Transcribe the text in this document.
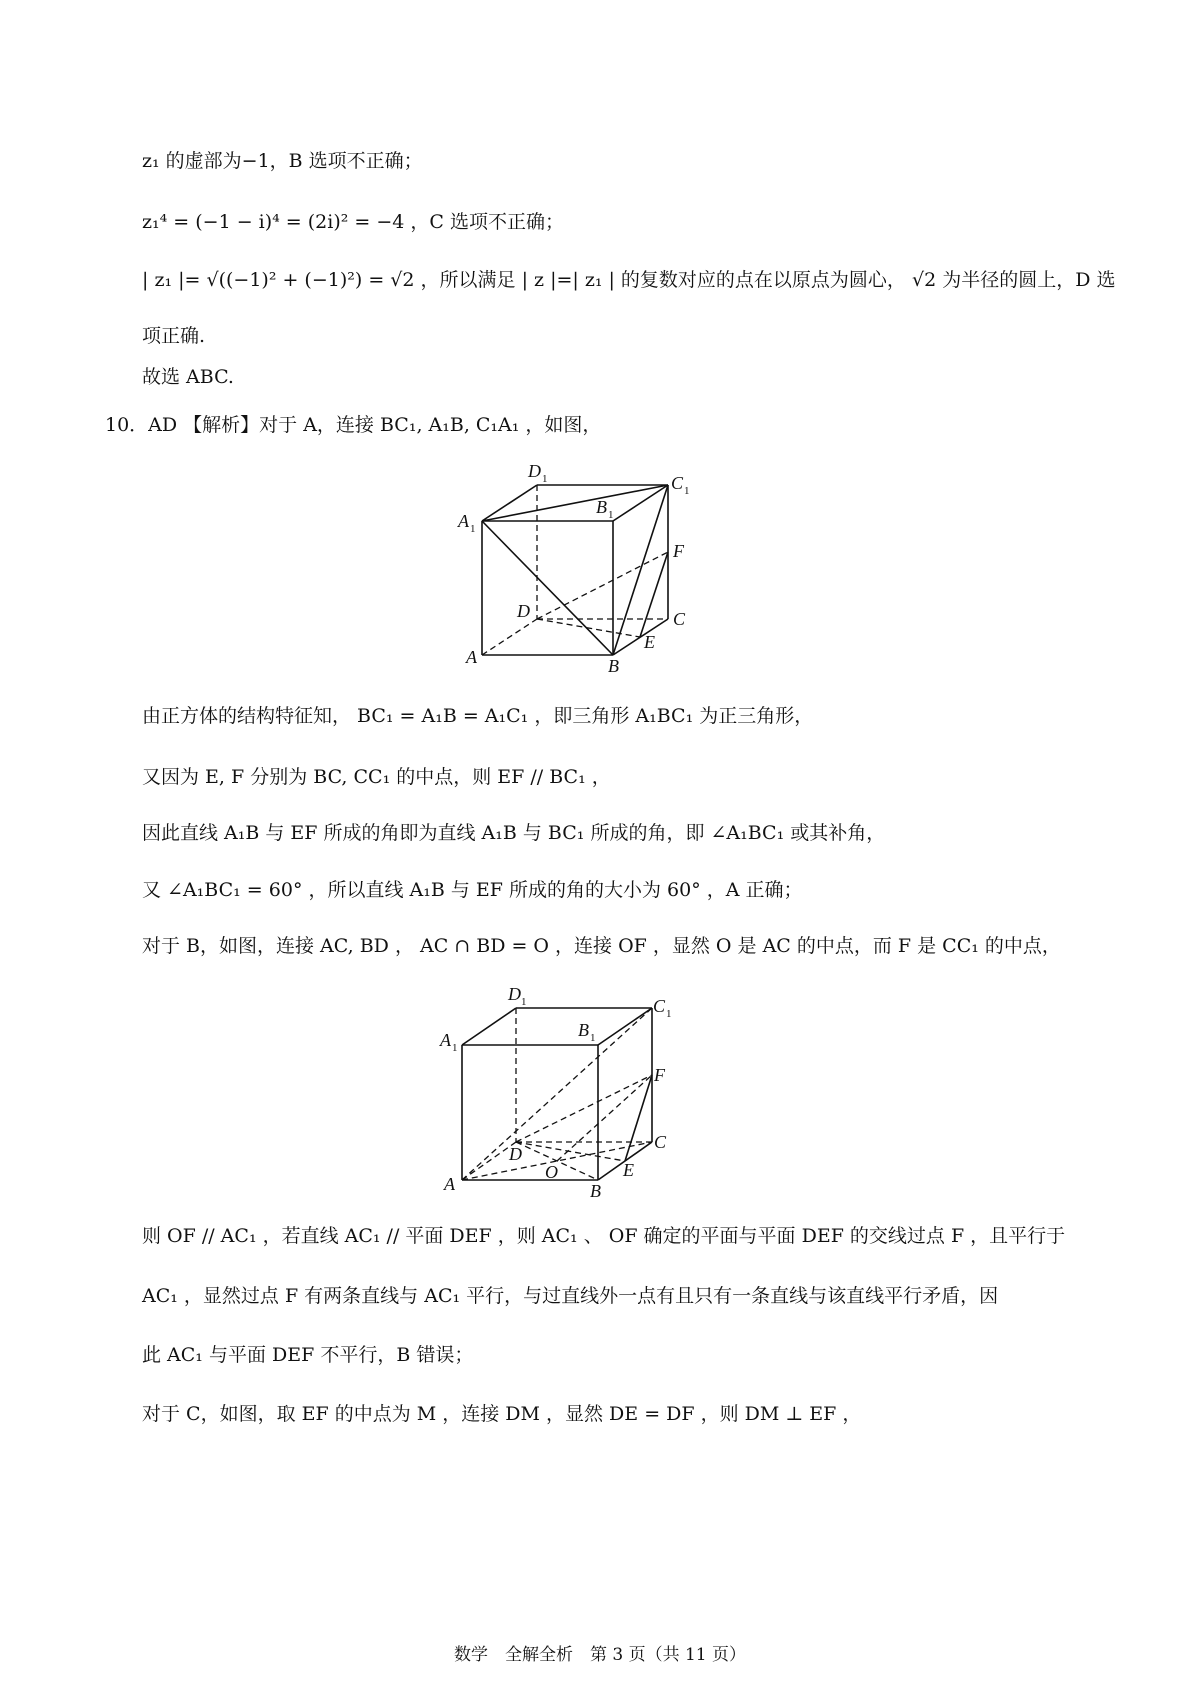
z₁ 的虚部为−1，B 选项不正确；
z₁⁴ = (−1 − i)⁴ = (2i)² = −4 ，C 选项不正确；
| z₁ |= √((−1)² + (−1)²) = √2 ，所以满足 | z |=| z₁ | 的复数对应的点在以原点为圆心， √2 为半径的圆上，D 选
项正确.
故选 ABC.
10．AD 【解析】对于 A，连接 BC₁, A₁B, C₁A₁ ，如图，
D 1	C 1
A 1
B 1
F
D	C
A
E
B
由正方体的结构特征知， BC₁ = A₁B = A₁C₁ ，即三角形 A₁BC₁ 为正三角形，
又因为 E, F 分别为 BC, CC₁ 的中点，则 EF // BC₁ ，
因此直线 A₁B 与 EF 所成的角即为直线 A₁B 与 BC₁ 所成的角，即 ∠A₁BC₁ 或其补角，
又 ∠A₁BC₁ = 60° ，所以直线 A₁B 与 EF 所成的角的大小为 60° ，A 正确；
对于 B，如图，连接 AC, BD ， AC ∩ BD = O ，连接 OF ，显然 O 是 AC 的中点，而 F 是 CC₁ 的中点，
D 1	C 1
A 1
B 1
F
D
C
A
O	E
B
则 OF // AC₁ ，若直线 AC₁ // 平面 DEF ，则 AC₁ 、 OF 确定的平面与平面 DEF 的交线过点 F ，且平行于
AC₁ ，显然过点 F 有两条直线与 AC₁ 平行，与过直线外一点有且只有一条直线与该直线平行矛盾，因
此 AC₁ 与平面 DEF 不平行，B 错误；
对于 C，如图，取 EF 的中点为 M ，连接 DM ，显然 DE = DF ，则 DM ⊥ EF ，
数学　全解全析　第 3 页（共 11 页）
